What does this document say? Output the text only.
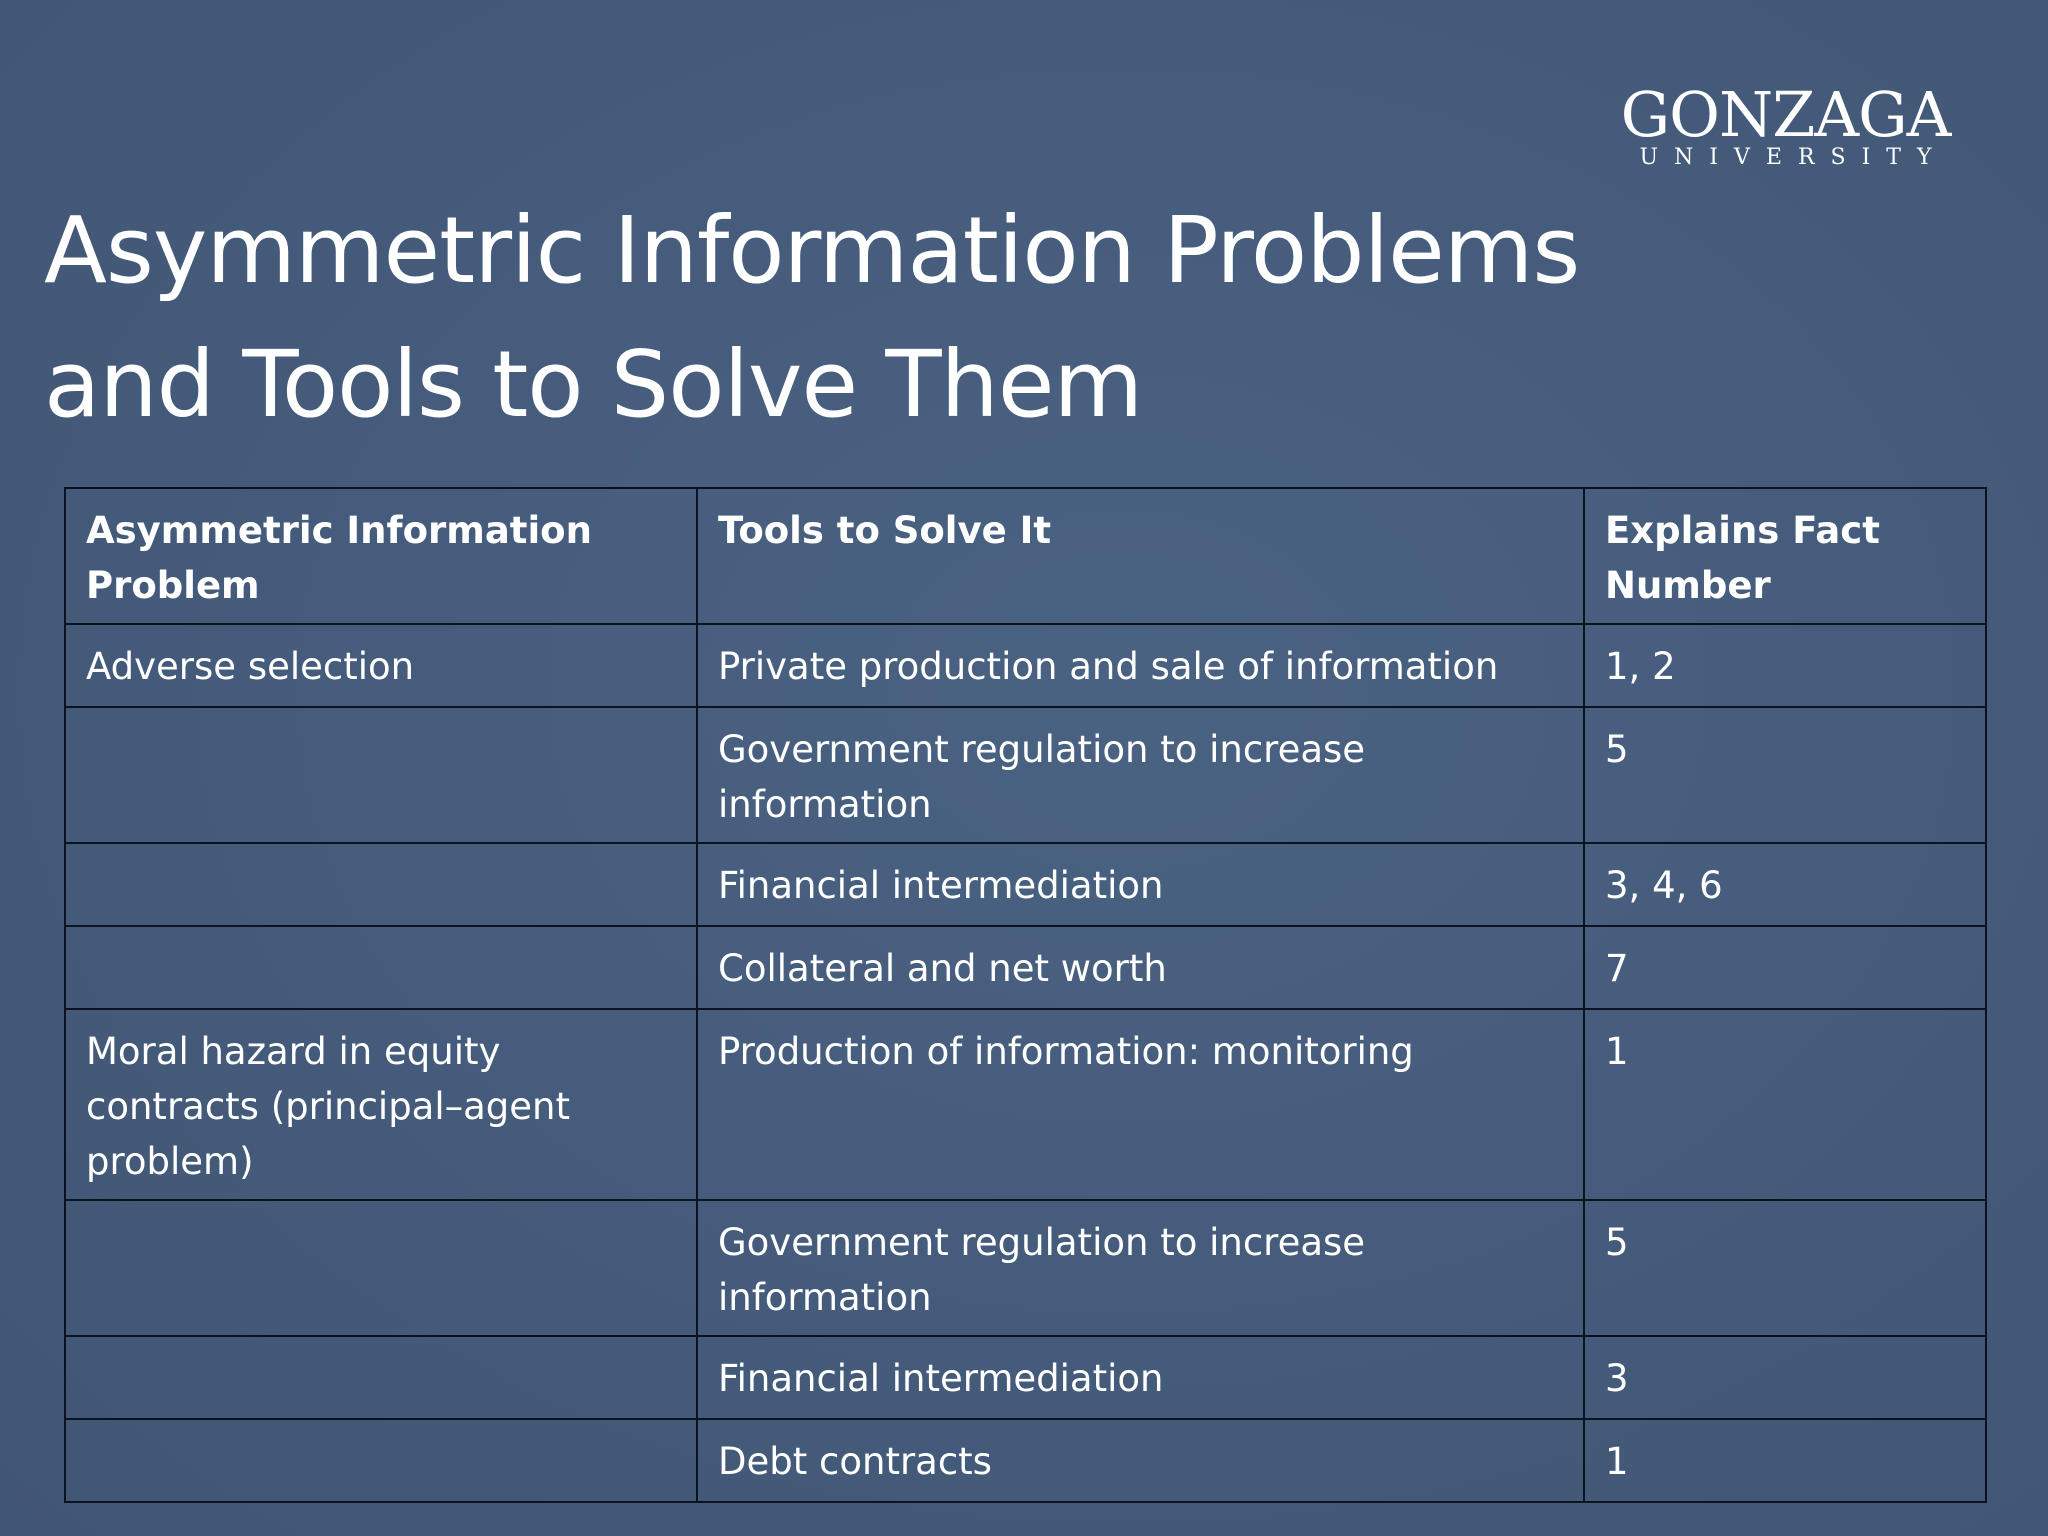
GONZAGA
UNIVERSITY
Asymmetric Information Problems
and Tools to Solve Them
Asymmetric Information Problem	Tools to Solve It	Explains Fact Number
Adverse selection	Private production and sale of information	1, 2
	Government regulation to increase information	5
	Financial intermediation	3, 4, 6
	Collateral and net worth	7
Moral hazard in equity contracts (principal–agent problem)	Production of information: monitoring	1
	Government regulation to increase information	5
	Financial intermediation	3
	Debt contracts	1
